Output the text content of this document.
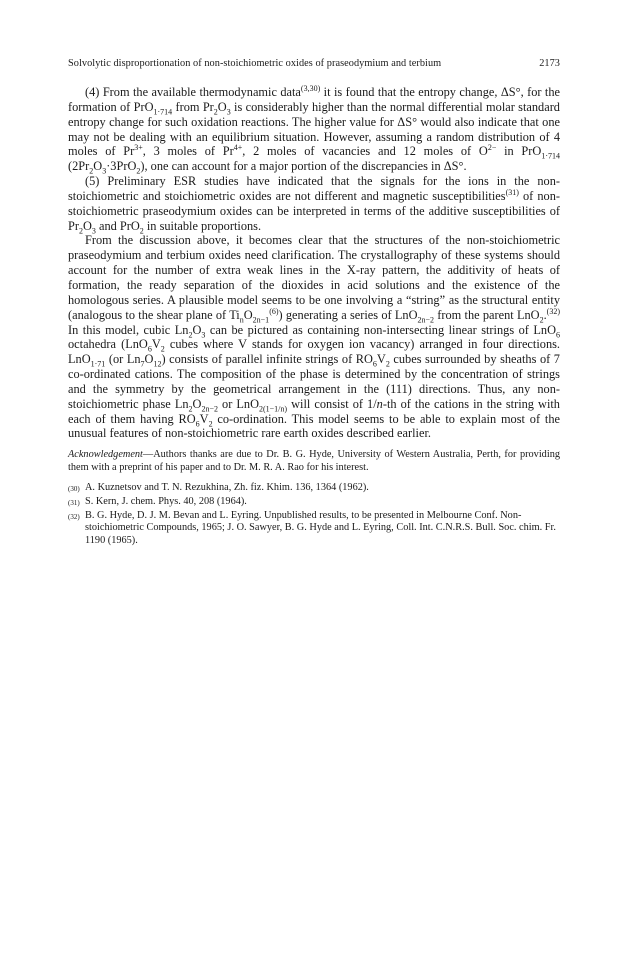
Solvolytic disproportionation of non-stoichiometric oxides of praseodymium and terbium	2173

(4) From the available thermodynamic data$^{(3,30)}$ it is found that the entropy change, ΔS°, for the formation of PrO$_{1\cdot 714}$ from $Pr_2O_3$ is considerably higher than the normal differential molar standard entropy change for such oxidation reactions. The higher value for ΔS° would also indicate that one may not be dealing with an equilibrium situation. However, assuming a random distribution of 4 moles of $Pr^{3+}$, 3 moles of $Pr^{4+}$, 2 moles of vacancies and 12 moles of $O^{2-}$ in PrO$_{1\cdot 714}$ $(2Pr_2O_3\cdot 3PrO_2)$, one can account for a major portion of the discrepancies in ΔS°.

(5) Preliminary ESR studies have indicated that the signals for the ions in the non-stoichiometric and stoichiometric oxides are not different and magnetic susceptibilities$^{(31)}$ of non-stoichiometric praseodymium oxides can be interpreted in terms of the additive susceptibilities of $Pr_2O_3$ and PrO$_2$ in suitable proportions.

From the discussion above, it becomes clear that the structures of the non-stoichiometric praseodymium and terbium oxides need clarification. The crystallography of these systems should account for the number of extra weak lines in the X-ray pattern, the additivity of heats of formation, the ready separation of the dioxides in acid solutions and the existence of the homologous series. A plausible model seems to be one involving a “string” as the structural entity (analogous to the shear plane of $Ti_nO_{2n-1}^{(6)}$) generating a series of LnO$_{2n-2}$ from the parent LnO$_2$.$^{(32)}$ In this model, cubic $Ln_2O_3$ can be pictured as containing non-intersecting linear strings of LnO$_6$ octahedra ($LnO_6V_2$ cubes where V stands for oxygen ion vacancy) arranged in four directions. LnO$_{1\cdot 71}$ (or $Ln_7O_{12}$) consists of parallel infinite strings of $RO_6V_2$ cubes surrounded by sheaths of 7 co-ordinated cations. The composition of the phase is determined by the concentration of strings and the symmetry by the geometrical arrangement in the (111) directions. Thus, any non-stoichiometric phase $Ln_2O_{2n-2}$ or LnO$_{2(1-1/n)}$ will consist of 1/n-th of the cations in the string with each of them having $RO_6V_2$ co-ordination. This model seems to be able to explain most of the unusual features of non-stoichiometric rare earth oxides described earlier.

Acknowledgement—Authors thanks are due to Dr. B. G. Hyde, University of Western Australia, Perth, for providing them with a preprint of his paper and to Dr. M. R. A. Rao for his interest.

(30) A. Kuznetsov and T. N. Rezukhina, Zh. fiz. Khim. 136, 1364 (1962).
(31) S. Kern, J. chem. Phys. 40, 208 (1964).
(32) B. G. Hyde, D. J. M. Bevan and L. Eyring. Unpublished results, to be presented in Melbourne Conf. Non-stoichiometric Compounds, 1965; J. O. Sawyer, B. G. Hyde and L. Eyring, Coll. Int. C.N.R.S. Bull. Soc. chim. Fr. 1190 (1965).
